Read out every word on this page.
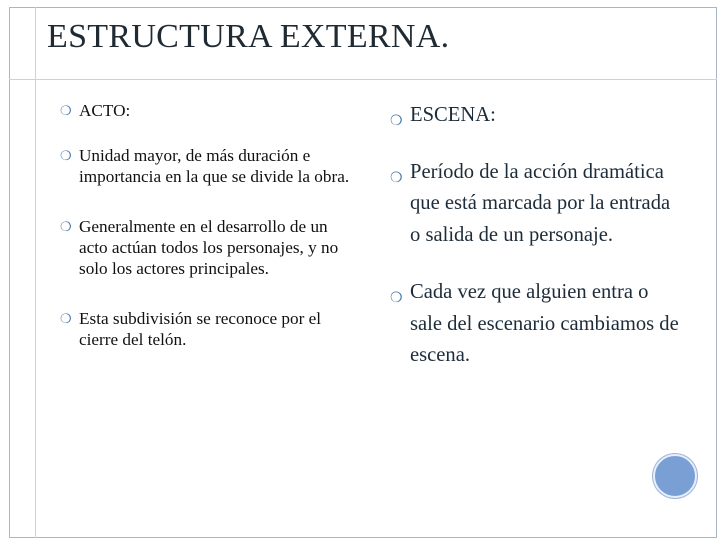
ESTRUCTURA EXTERNA.
❍ ACTO:
❍ Unidad mayor, de más duración e importancia en la que se divide la obra.
❍ Generalmente en el desarrollo de un acto actúan todos los personajes, y no solo los actores principales.
❍ Esta subdivisión se reconoce por el cierre del telón.
❍ ESCENA:
❍ Período de la acción dramática que está marcada por la entrada o salida de un personaje.
❍ Cada vez que alguien entra o sale del escenario cambiamos de escena.
